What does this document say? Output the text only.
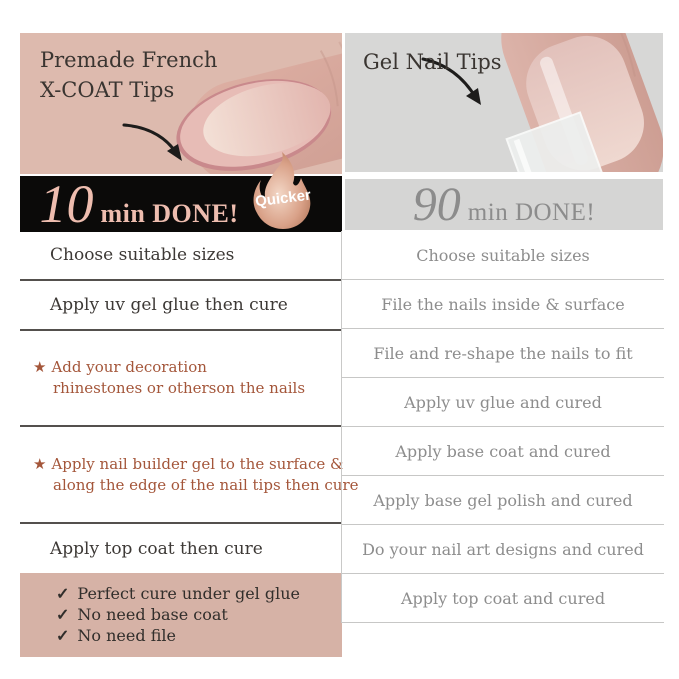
Premade French
X-COAT Tips
Gel Nail Tips
10 min DONE!	90 min DONE!
Quicker
Choose suitable sizes
Apply uv gel glue then cure
★ Add your decoration
rhinestones or otherson the nails
★ Apply nail builder gel to the surface &
along the edge of the nail tips then cure
Apply top coat then cure
✓ Perfect cure under gel glue
✓ No need base coat
✓ No need file
Choose suitable sizes
File the nails inside & surface
File and re-shape the nails to fit
Apply uv glue and cured
Apply base coat and cured
Apply base gel polish and cured
Do your nail art designs and cured
Apply top coat and cured
